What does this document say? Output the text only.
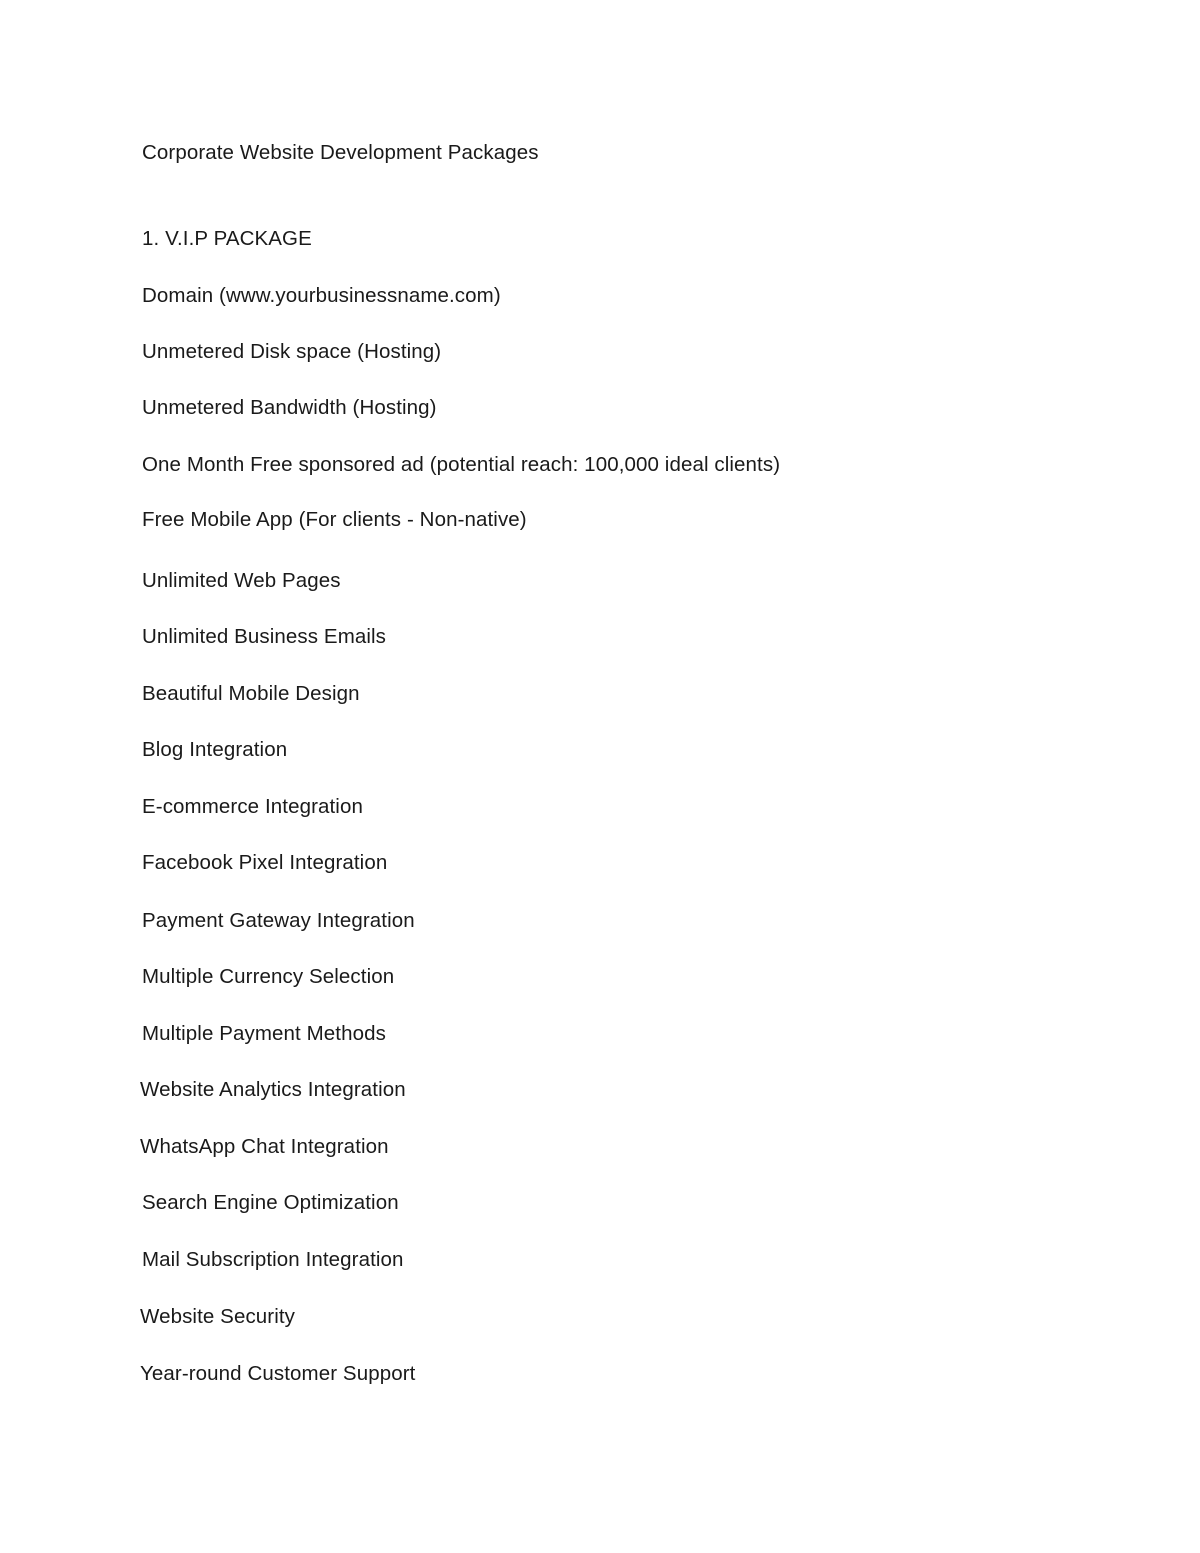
Corporate Website Development Packages
1. V.I.P PACKAGE
Domain (www.yourbusinessname.com)
Unmetered Disk space (Hosting)
Unmetered Bandwidth (Hosting)
One Month Free sponsored ad (potential reach: 100,000 ideal clients)
Free Mobile App (For clients - Non-native)
Unlimited Web Pages
Unlimited Business Emails
Beautiful Mobile Design
Blog Integration
E-commerce Integration
Facebook Pixel Integration
Payment Gateway Integration
Multiple Currency Selection
Multiple Payment Methods
Website Analytics Integration
WhatsApp Chat Integration
Search Engine Optimization
Mail Subscription Integration
Website Security
Year-round Customer Support
